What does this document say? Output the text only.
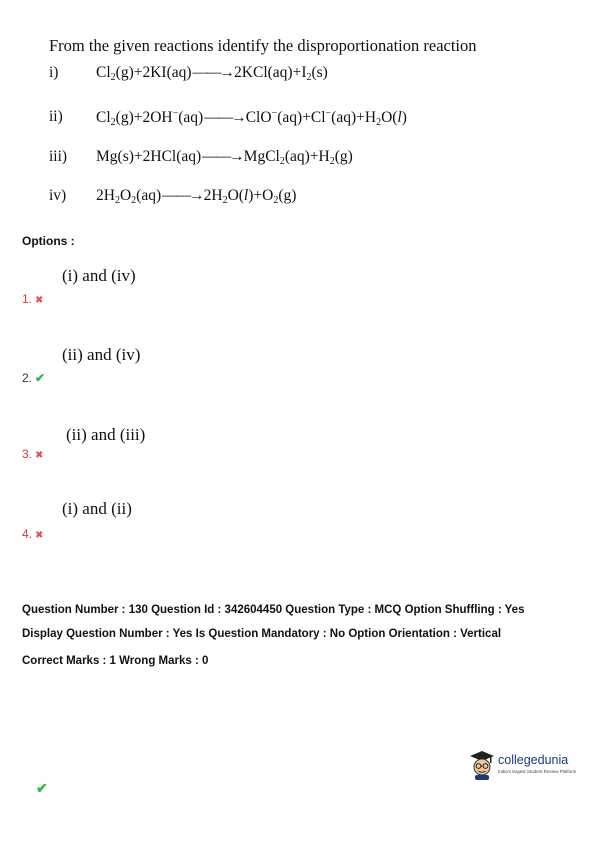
From the given reactions identify the disproportionation reaction
i) $Cl_2(g)+2KI(aq)——\to 2KCl(aq)+I_2(s)$
ii) $Cl_2(g)+2OH^-(aq)——\to ClO^-(aq)+Cl^-(aq)+H_2O(l)$
iii) $Mg(s)+2HCl(aq)——\to MgCl_2(aq)+H_2(g)$
iv) $2H_2O_2(aq)——\to 2H_2O(l)+O_2(g)$
Options :
(i) and (iv)
1. ✖
(ii) and (iv)
2. ✔
(ii) and (iii)
3. ✖
(i) and (ii)
4. ✖
Question Number : 130 Question Id : 342604450 Question Type : MCQ Option Shuffling : Yes
Display Question Number : Yes Is Question Mandatory : No Option Orientation : Vertical
Correct Marks : 1 Wrong Marks : 0
collegedunia
India's largest Student Review Platform
✔
